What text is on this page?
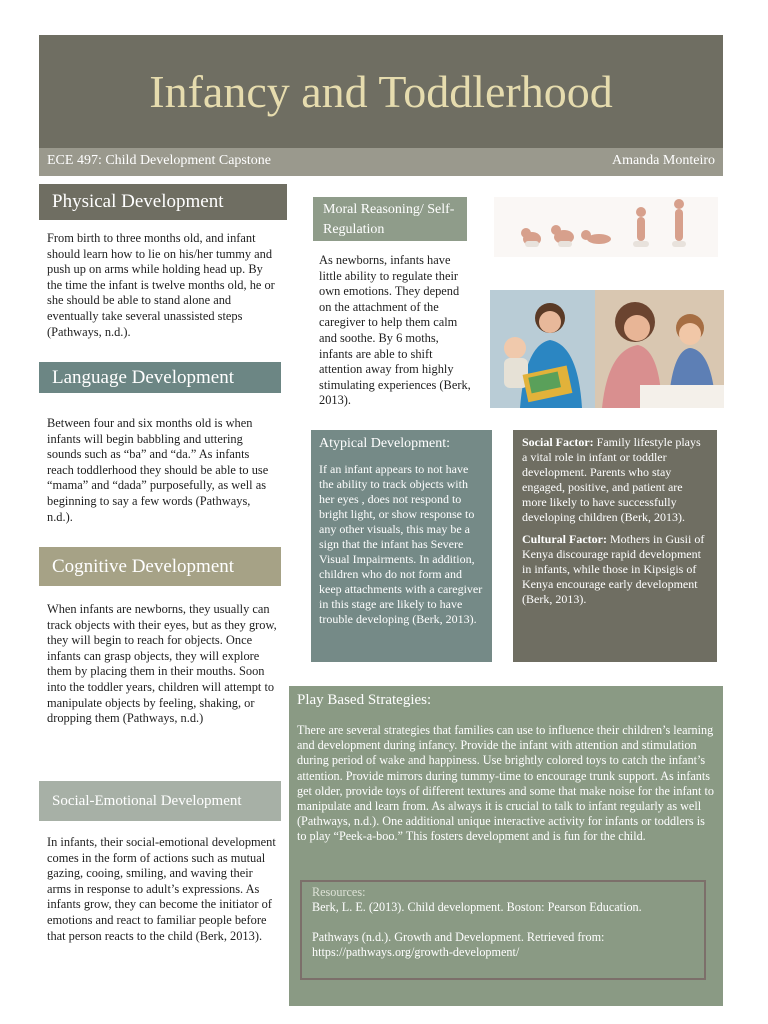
Infancy and Toddlerhood
ECE 497: Child Development Capstone	Amanda Monteiro
Physical Development
From birth to three months old, and infant should learn how to lie on his/her tummy and push up on arms while holding head up. By the time the infant is twelve months old, he or she should be able to stand alone and eventually take several unassisted steps (Pathways, n.d.).
Language Development
Between four and six months old is when infants will begin babbling and uttering sounds such as “ba” and “da.” As infants reach toddlerhood they should be able to use “mama” and “dada” purposefully, as well as beginning to say a few words (Pathways, n.d.).
Cognitive Development
When infants are newborns, they usually can track objects with their eyes, but as they grow, they will begin to reach for objects. Once infants can grasp objects, they will explore them by placing them in their mouths. Soon into the toddler years, children will attempt to manipulate objects by feeling, shaking, or dropping them (Pathways, n.d.)
Social-Emotional Development
In infants, their social-emotional development comes in the form of actions such as mutual gazing, cooing, smiling, and waving their arms in response to adult’s expressions. As infants grow, they can become the initiator of emotions and react to familiar people before that person reacts to the child (Berk, 2013).
Moral Reasoning/ Self-Regulation
As newborns, infants have little ability to regulate their own emotions. They depend on the attachment of the caregiver to help them calm and soothe. By 6 moths, infants are able to shift attention away from highly stimulating experiences (Berk, 2013).
Atypical Development:
If an infant appears to not have the ability to track objects with her eyes , does not respond to bright light, or show response to any other visuals, this may be a sign that the infant has Severe Visual Impairments. In addition, children who do not form and keep attachments with a caregiver in this stage are likely to have trouble developing (Berk, 2013).
Social Factor: Family lifestyle plays a vital role in infant or toddler development. Parents who stay engaged, positive, and patient are more likely to have successfully developing children (Berk, 2013).
Cultural Factor: Mothers in Gusii of Kenya discourage rapid development in infants, while those in Kipsigis of Kenya encourage early development (Berk, 2013).
Play Based Strategies:
There are several strategies that families can use to influence their children’s learning and development during infancy. Provide the infant with attention and stimulation during period of wake and happiness. Use brightly colored toys to catch the infant’s attention. Provide mirrors during tummy-time to encourage trunk support. As infants get older, provide toys of different textures and some that make noise for the infant to manipulate and learn from. As always it is crucial to talk to infant regularly as well (Pathways, n.d.). One additional unique interactive activity for infants or toddlers is to play “Peek-a-boo.” This fosters development and is fun for the child.
Resources:
Berk, L. E. (2013). Child development. Boston: Pearson Education.
Pathways (n.d.). Growth and Development. Retrieved from: https://pathways.org/growth-development/
